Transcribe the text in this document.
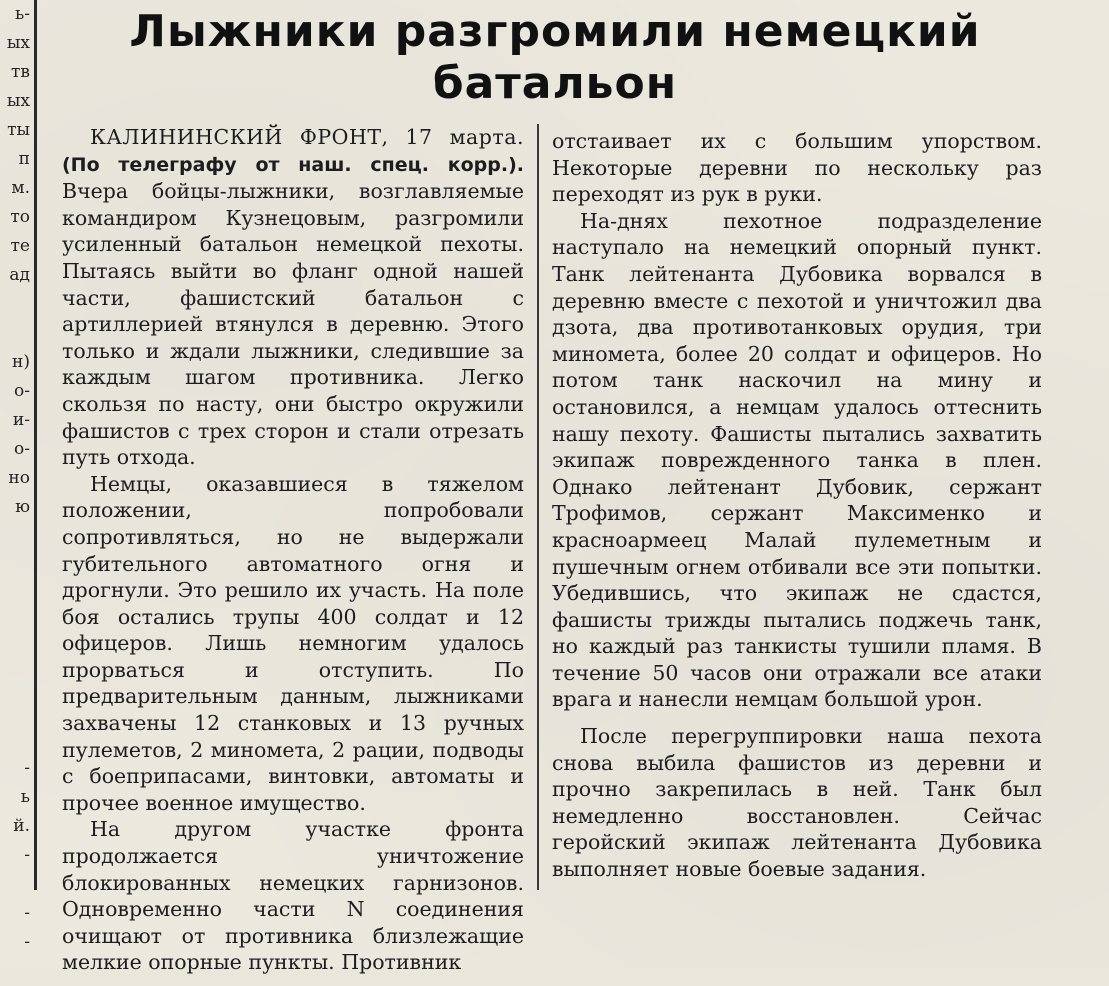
ь-
ых
тв
ых
ты
п
м.
то
те
ад
н)
о-
и-
о-
но
ю
-
ь
й.
-
-
-
Лыжники разгромили немецкий
батальон

КАЛИНИНСКИЙ ФРОНТ, 17 марта. (По телеграфу от наш. спец. корр.). Вчера бойцы-лыжники, возглавляемые командиром Кузнецовым, разгромили усиленный батальон немецкой пехоты. Пытаясь выйти во фланг одной нашей части, фашистский батальон с артиллерией втянулся в деревню. Этого только и ждали лыжники, следившие за каждым шагом противника. Легко скользя по насту, они быстро окружили фашистов с трех сторон и стали отрезать путь отхода.

Немцы, оказавшиеся в тяжелом положении, попробовали сопротивляться, но не выдержали губительного автоматного огня и дрогнули. Это решило их участь. На поле боя остались трупы 400 солдат и 12 офицеров. Лишь немногим удалось прорваться и отступить. По предварительным данным, лыжниками захвачены 12 станковых и 13 ручных пулеметов, 2 миномета, 2 рации, подводы с боеприпасами, винтовки, автоматы и прочее военное имущество.

На другом участке фронта продолжается уничтожение блокированных немецких гарнизонов. Одновременно части N соединения очищают от противника близлежащие мелкие опорные пункты. Противник

отстаивает их с большим упорством. Некоторые деревни по нескольку раз переходят из рук в руки.

На-днях пехотное подразделение наступало на немецкий опорный пункт. Танк лейтенанта Дубовика ворвался в деревню вместе с пехотой и уничтожил два дзота, два противотанковых орудия, три миномета, более 20 солдат и офицеров. Но потом танк наскочил на мину и остановился, а немцам удалось оттеснить нашу пехоту. Фашисты пытались захватить экипаж поврежденного танка в плен. Однако лейтенант Дубовик, сержант Трофимов, сержант Максименко и красноармеец Малай пулеметным и пушечным огнем отбивали все эти попытки. Убедившись, что экипаж не сдастся, фашисты трижды пытались поджечь танк, но каждый раз танкисты тушили пламя. В течение 50 часов они отражали все атаки врага и нанесли немцам большой урон.

После перегруппировки наша пехота снова выбила фашистов из деревни и прочно закрепилась в ней. Танк был немедленно восстановлен. Сейчас геройский экипаж лейтенанта Дубовика выполняет новые боевые задания.
